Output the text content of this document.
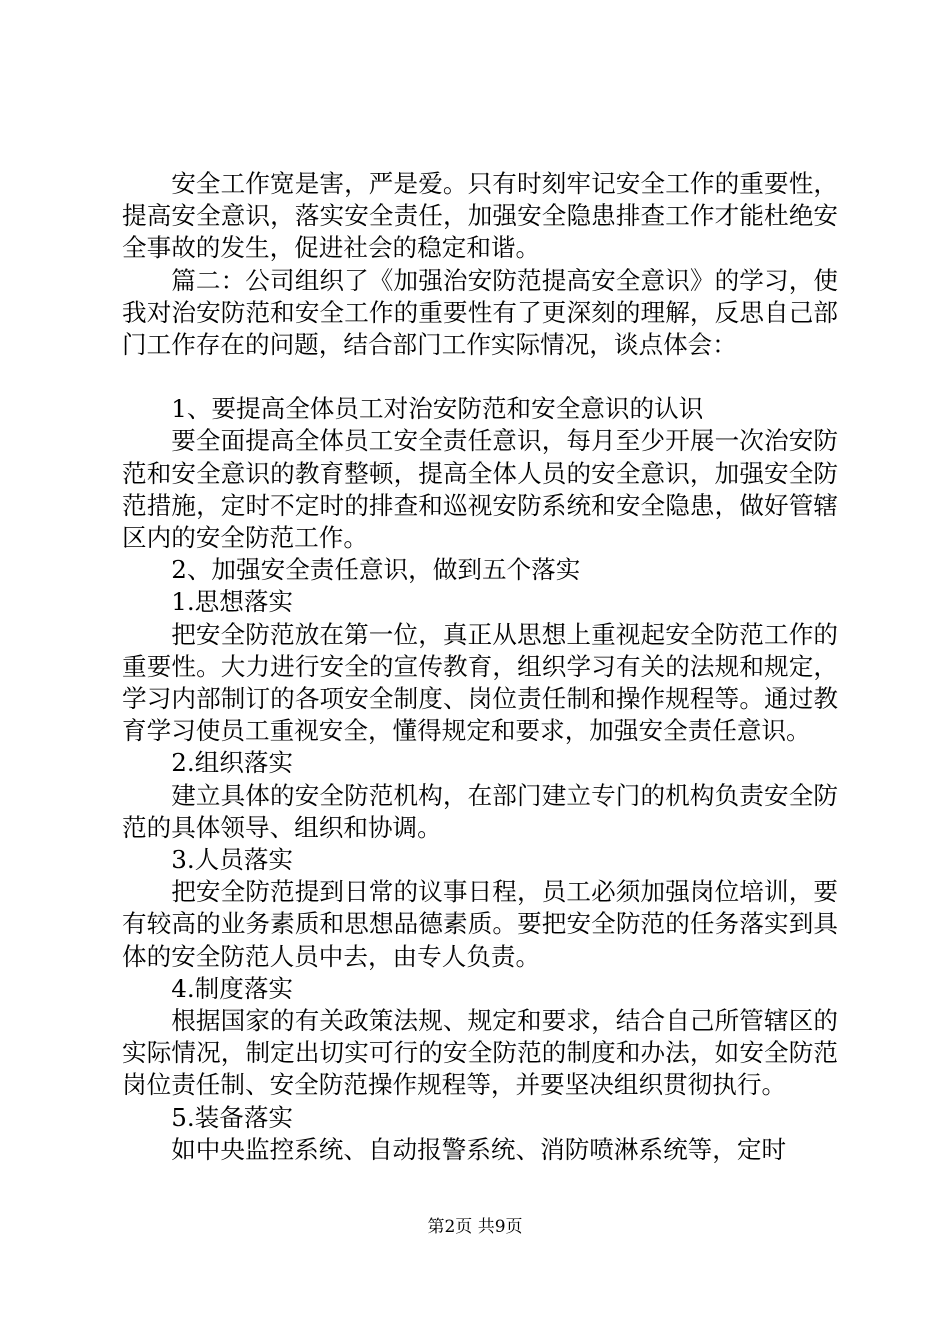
安全工作宽是害，严是爱。只有时刻牢记安全工作的重要性，提高安全意识，落实安全责任，加强安全隐患排查工作才能杜绝安全事故的发生，促进社会的稳定和谐。

篇二：公司组织了《加强治安防范提高安全意识》的学习，使我对治安防范和安全工作的重要性有了更深刻的理解，反思自己部门工作存在的问题，结合部门工作实际情况，谈点体会：

1、要提高全体员工对治安防范和安全意识的认识

要全面提高全体员工安全责任意识，每月至少开展一次治安防范和安全意识的教育整顿，提高全体人员的安全意识，加强安全防范措施，定时不定时的排查和巡视安防系统和安全隐患，做好管辖区内的安全防范工作。

2、加强安全责任意识，做到五个落实

1.思想落实

把安全防范放在第一位，真正从思想上重视起安全防范工作的重要性。大力进行安全的宣传教育，组织学习有关的法规和规定，学习内部制订的各项安全制度、岗位责任制和操作规程等。通过教育学习使员工重视安全，懂得规定和要求，加强安全责任意识。

2.组织落实

建立具体的安全防范机构，在部门建立专门的机构负责安全防范的具体领导、组织和协调。

3.人员落实

把安全防范提到日常的议事日程，员工必须加强岗位培训，要有较高的业务素质和思想品德素质。要把安全防范的任务落实到具体的安全防范人员中去，由专人负责。

4.制度落实

根据国家的有关政策法规、规定和要求，结合自己所管辖区的实际情况，制定出切实可行的安全防范的制度和办法，如安全防范岗位责任制、安全防范操作规程等，并要坚决组织贯彻执行。

5.装备落实

如中央监控系统、自动报警系统、消防喷淋系统等，定时

第2页 共9页
